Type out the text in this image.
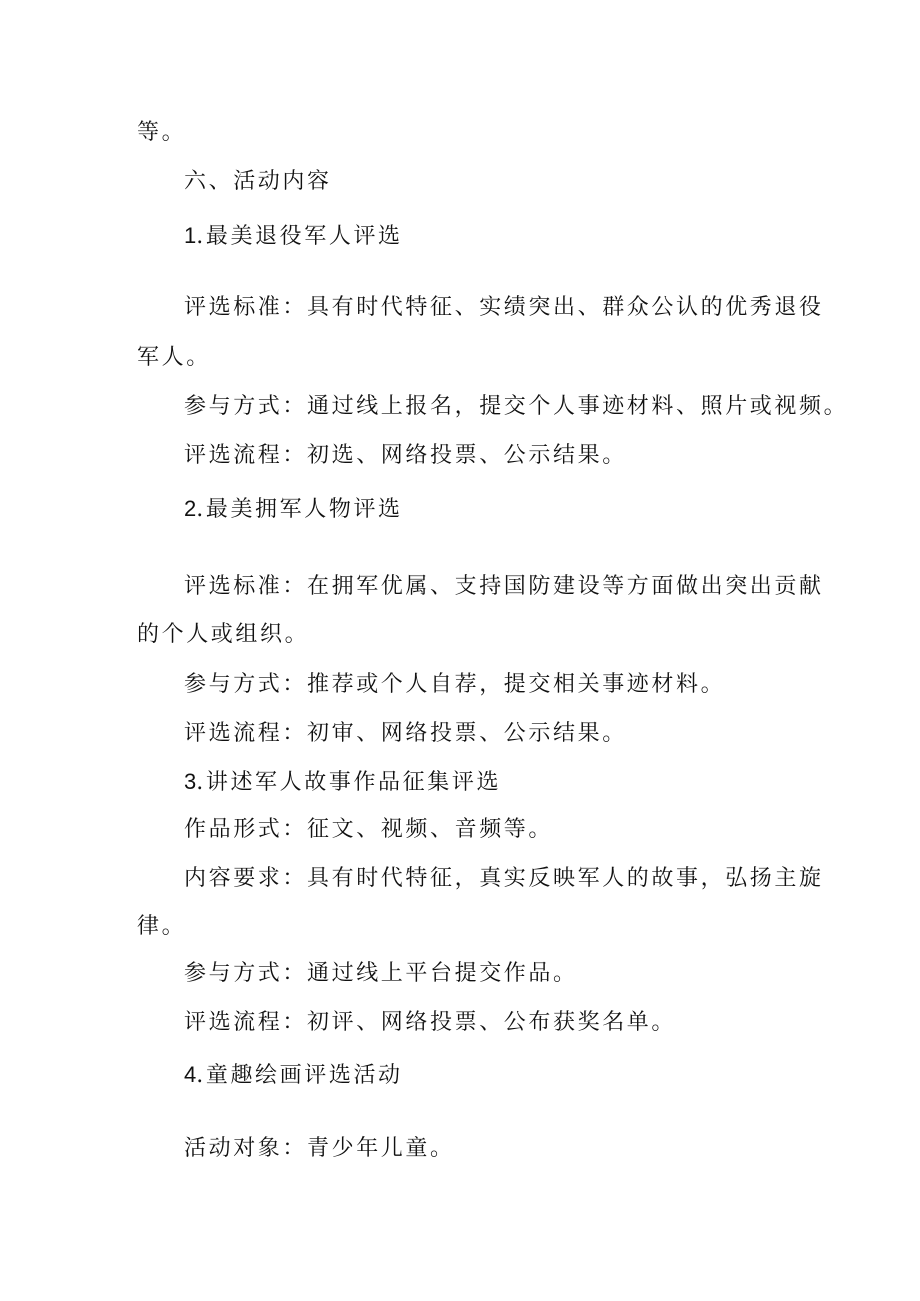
等。
六、活动内容
1.最美退役军人评选
评选标准：具有时代特征、实绩突出、群众公认的优秀退役
军人。
参与方式：通过线上报名，提交个人事迹材料、照片或视频。
评选流程：初选、网络投票、公示结果。
2.最美拥军人物评选
评选标准：在拥军优属、支持国防建设等方面做出突出贡献
的个人或组织。
参与方式：推荐或个人自荐，提交相关事迹材料。
评选流程：初审、网络投票、公示结果。
3.讲述军人故事作品征集评选
作品形式：征文、视频、音频等。
内容要求：具有时代特征，真实反映军人的故事，弘扬主旋
律。
参与方式：通过线上平台提交作品。
评选流程：初评、网络投票、公布获奖名单。
4.童趣绘画评选活动
活动对象：青少年儿童。
